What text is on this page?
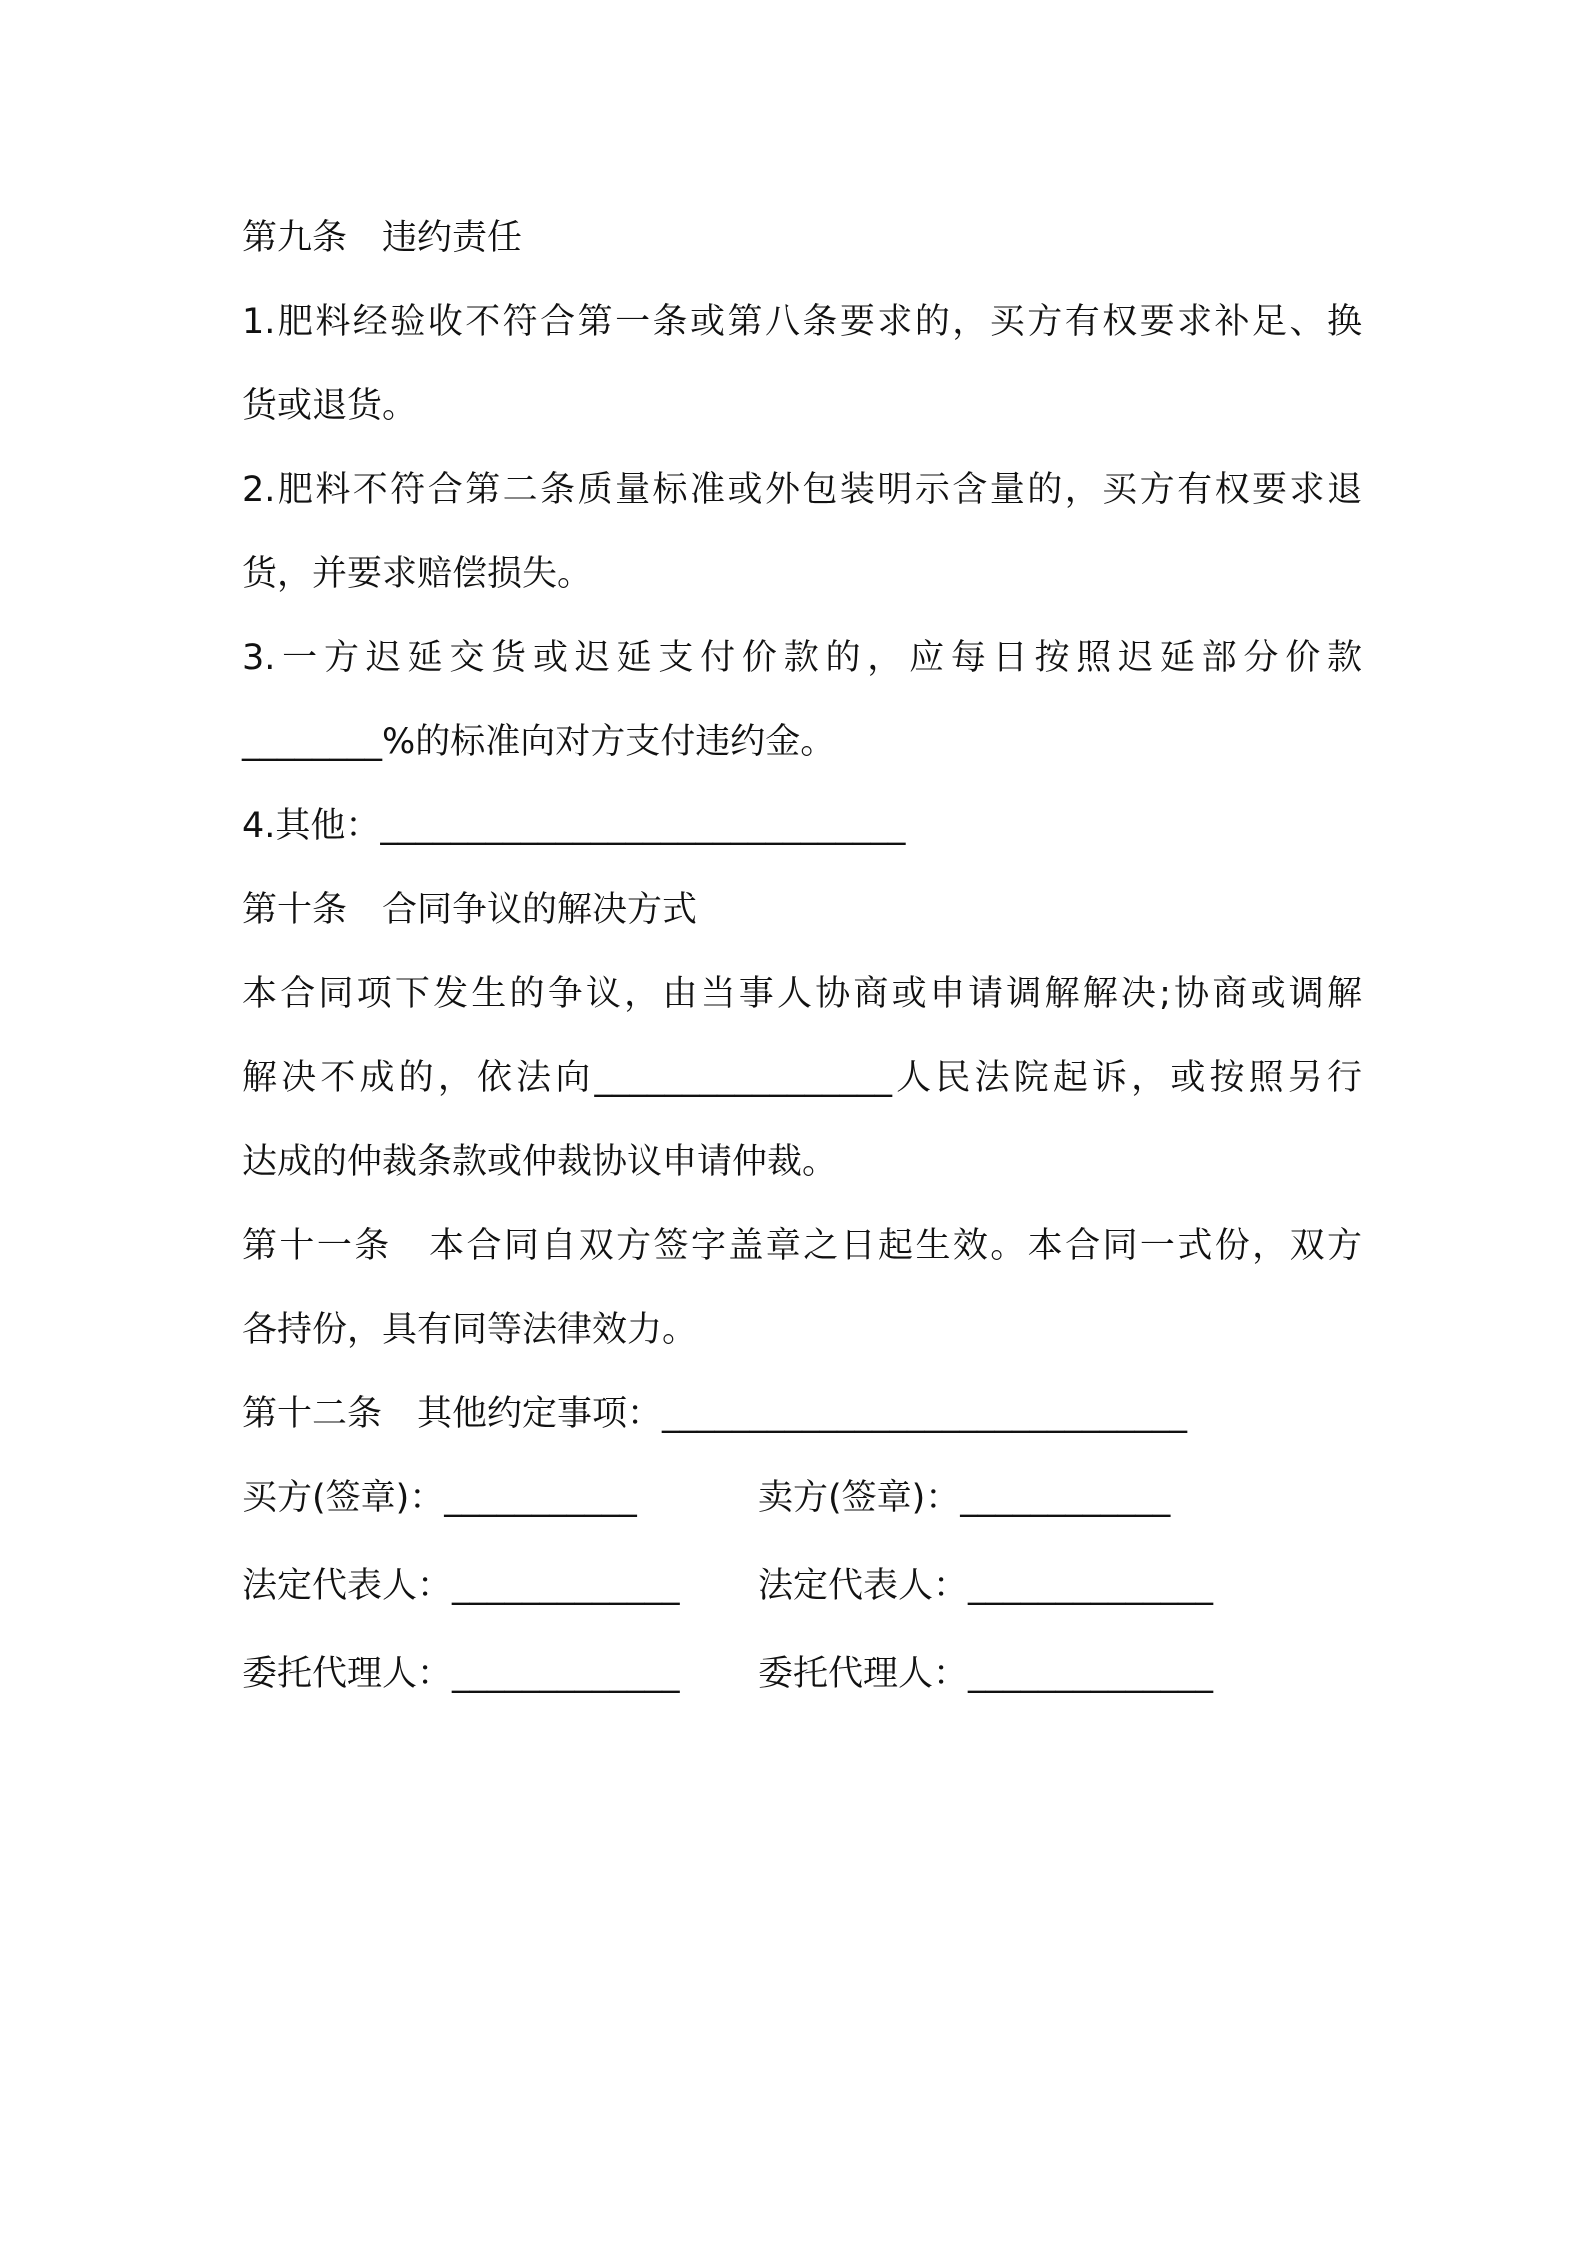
第九条　违约责任
1.肥料经验收不符合第一条或第八条要求的，买方有权要求补足、换
货或退货。
2.肥料不符合第二条质量标准或外包装明示含量的，买方有权要求退
货，并要求赔偿损失。
3.一方迟延交货或迟延支付价款的，应每日按照迟延部分价款
________%的标准向对方支付违约金。
4.其他：______________________________
第十条　合同争议的解决方式
本合同项下发生的争议，由当事人协商或申请调解解决;协商或调解
解决不成的，依法向_________________人民法院起诉，或按照另行
达成的仲裁条款或仲裁协议申请仲裁。
第十一条　本合同自双方签字盖章之日起生效。本合同一式份，双方
各持份，具有同等法律效力。
第十二条　其他约定事项：______________________________

买方(签章)：___________

	卖方(签章)：____________

法定代表人：_____________

法定代表人：______________

委托代理人：_____________

委托代理人：______________
